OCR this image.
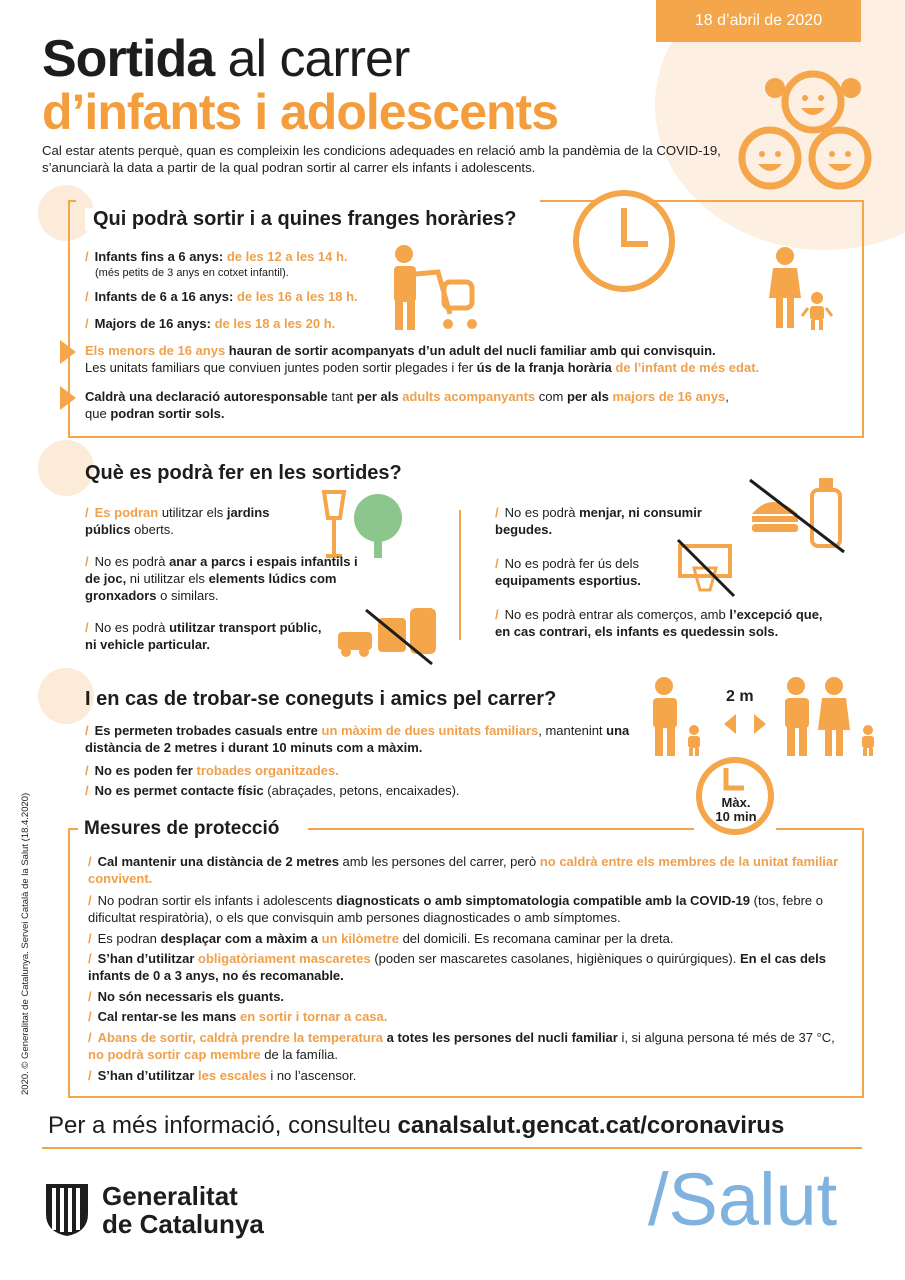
18 d’abril de 2020
Sortida al carrer
d’infants i adolescents

Cal estar atents perquè, quan es compleixin les condicions adequades en relació amb la pandèmia de la COVID-19, s’anunciarà la data a partir de la qual podran sortir al carrer els infants i adolescents.

Qui podrà sortir i a quines franges horàries?
/ Infants fins a 6 anys: de les 12 a les 14 h.
(més petits de 3 anys en cotxet infantil).
/ Infants de 6 a 16 anys: de les 16 a les 18 h.
/ Majors de 16 anys: de les 18 a les 20 h.
Els menors de 16 anys hauran de sortir acompanyats d’un adult del nucli familiar amb qui convisquin.
Les unitats familiars que conviuen juntes poden sortir plegades i fer ús de la franja horària de l’infant de més edat.
Caldrà una declaració autoresponsable tant per als adults acompanyants com per als majors de 16 anys,
que podran sortir sols.
Què es podrà fer en les sortides?
/ Es podran utilitzar els jardins públics oberts.
/ No es podrà anar a parcs i espais infantils i de joc, ni utilitzar els elements lúdics com gronxadors o similars.
/ No es podrà utilitzar transport públic, ni vehicle particular.
/ No es podrà menjar, ni consumir begudes.
/ No es podrà fer ús dels equipaments esportius.
/ No es podrà entrar als comerços, amb l’excepció que, en cas contrari, els infants es quedessin sols.
I en cas de trobar-se coneguts i amics pel carrer?
/ Es permeten trobades casuals entre un màxim de dues unitats familiars, mantenint una distància de 2 metres i durant 10 minuts com a màxim.
/ No es poden fer trobades organitzades.
/ No es permet contacte físic (abraçades, petons, encaixades).
2 m
Màx.
10 min
Mesures de protecció
/ Cal mantenir una distància de 2 metres amb les persones del carrer, però no caldrà entre els membres de la unitat familiar convivent.
/ No podran sortir els infants i adolescents diagnosticats o amb simptomatologia compatible amb la COVID-19 (tos, febre o dificultat respiratòria), o els que convisquin amb persones diagnosticades o amb símptomes.
/ Es podran desplaçar com a màxim a un kilòmetre del domicili. Es recomana caminar per la dreta.
/ S’han d’utilitzar obligatòriament mascaretes (poden ser mascaretes casolanes, higièniques o quirúrgiques). En el cas dels infants de 0 a 3 anys, no és recomanable.
/ No són necessaris els guants.
/ Cal rentar-se les mans en sortir i tornar a casa.
/ Abans de sortir, caldrà prendre la temperatura a totes les persones del nucli familiar i, si alguna persona té més de 37 °C, no podrà sortir cap membre de la família.
/ S’han d’utilitzar les escales i no l’ascensor.
Per a més informació, consulteu canalsalut.gencat.cat/coronavirus
Generalitat
de Catalunya	/Salut
2020. © Generalitat de Catalunya. Servei Català de la Salut (18.4.2020)
